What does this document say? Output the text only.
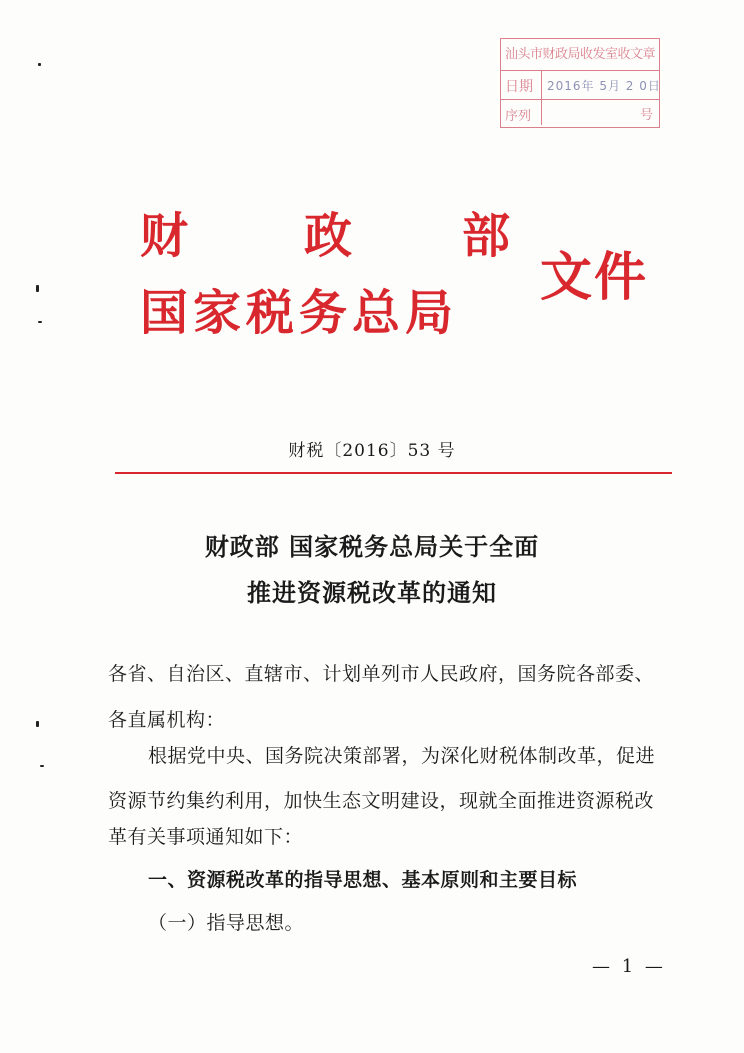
汕头市财政局收发室收文章
日期 2016年 5月 2 0日
序列	号
财 政 部
国家税务总局
文件
财税〔2016〕53 号
财政部 国家税务总局关于全面
推进资源税改革的通知
各省、自治区、直辖市、计划单列市人民政府，国务院各部委、
各直属机构：
根据党中央、国务院决策部署，为深化财税体制改革，促进
资源节约集约利用，加快生态文明建设，现就全面推进资源税改
革有关事项通知如下：
一、资源税改革的指导思想、基本原则和主要目标
（一）指导思想。
— 1 —
